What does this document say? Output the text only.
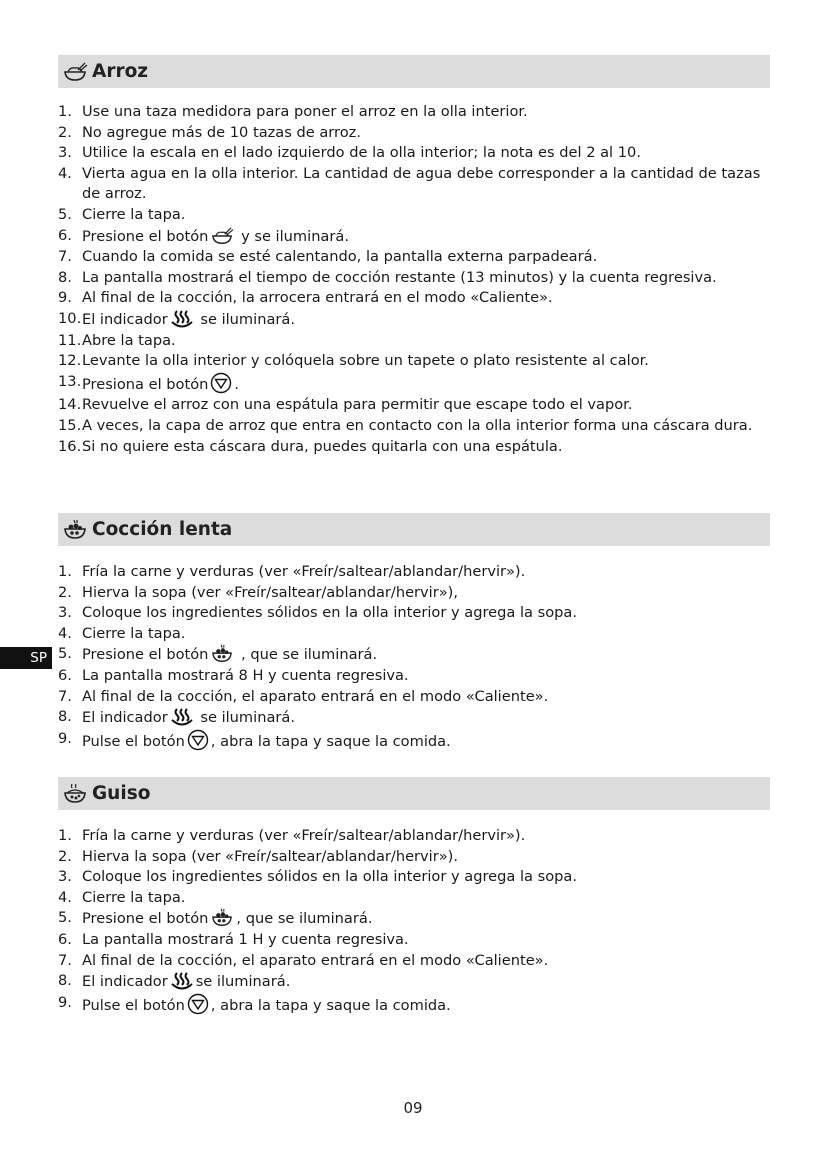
Arroz
1. Use una taza medidora para poner el arroz en la olla interior.
2. No agregue más de 10 tazas de arroz.
3. Utilice la escala en el lado izquierdo de la olla interior; la nota es del 2 al 10.
4. Vierta agua en la olla interior. La cantidad de agua debe corresponder a la cantidad de tazas de arroz.
5. Cierre la tapa.
6. Presione el botón y se iluminará.
7. Cuando la comida se esté calentando, la pantalla externa parpadeará.
8. La pantalla mostrará el tiempo de cocción restante (13 minutos) y la cuenta regresiva.
9. Al final de la cocción, la arrocera entrará en el modo «Caliente».
10. El indicador se iluminará.
11. Abre la tapa.
12. Levante la olla interior y colóquela sobre un tapete o plato resistente al calor.
13. Presiona el botón .
14. Revuelve el arroz con una espátula para permitir que escape todo el vapor.
15. A veces, la capa de arroz que entra en contacto con la olla interior forma una cáscara dura.
16. Si no quiere esta cáscara dura, puedes quitarla con una espátula.
Cocción lenta
1. Fría la carne y verduras (ver «Freír/saltear/ablandar/hervir»).
2. Hierva la sopa (ver «Freír/saltear/ablandar/hervir»),
3. Coloque los ingredientes sólidos en la olla interior y agrega la sopa.
4. Cierre la tapa.
5. Presione el botón , que se iluminará.
6. La pantalla mostrará 8 H y cuenta regresiva.
7. Al final de la cocción, el aparato entrará en el modo «Caliente».
8. El indicador se iluminará.
9. Pulse el botón , abra la tapa y saque la comida.
Guiso
1. Fría la carne y verduras (ver «Freír/saltear/ablandar/hervir»).
2. Hierva la sopa (ver «Freír/saltear/ablandar/hervir»).
3. Coloque los ingredientes sólidos en la olla interior y agrega la sopa.
4. Cierre la tapa.
5. Presione el botón , que se iluminará.
6. La pantalla mostrará 1 H y cuenta regresiva.
7. Al final de la cocción, el aparato entrará en el modo «Caliente».
8. El indicador se iluminará.
9. Pulse el botón , abra la tapa y saque la comida.
SP
09
